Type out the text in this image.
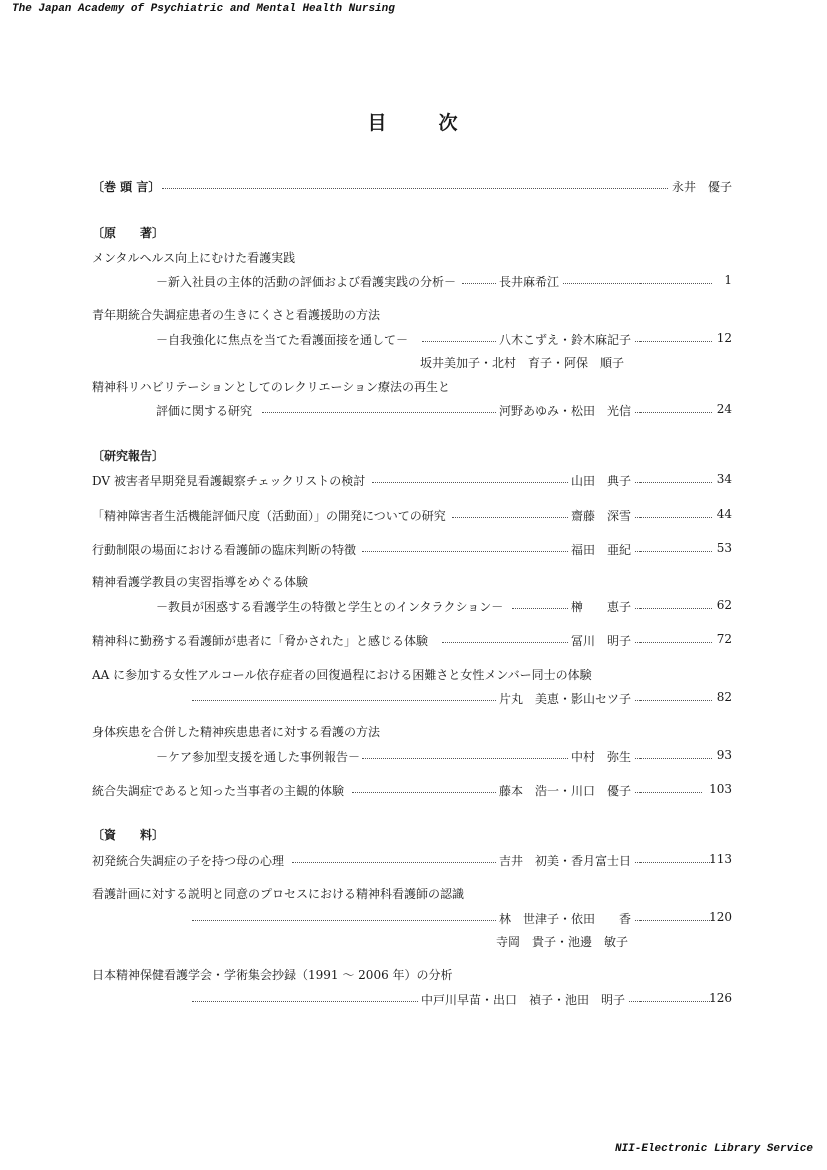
The Japan Academy of Psychiatric and Mental Health Nursing
目	次
〔巻 頭 言〕	永井　優子
〔原　　著〕
メンタルヘルス向上にむけた看護実践
－新入社員の主体的活動の評価および看護実践の分析－	長井麻希江	1
青年期統合失調症患者の生きにくさと看護援助の方法
－自我強化に焦点を当てた看護面接を通して－	八木こずえ・鈴木麻記子	12
坂井美加子・北村　育子・阿保　順子
精神科リハビリテーションとしてのレクリエーション療法の再生と
評価に関する研究	河野あゆみ・松田　光信	24
〔研究報告〕
DV 被害者早期発見看護観察チェックリストの検討	山田　典子	34
「精神障害者生活機能評価尺度（活動面）」の開発についての研究	齋藤　深雪	44
行動制限の場面における看護師の臨床判断の特徴	福田　亜紀	53
精神看護学教員の実習指導をめぐる体験
－教員が困惑する看護学生の特徴と学生とのインタラクション－	榊　　恵子	62
精神科に勤務する看護師が患者に「脅かされた」と感じる体験	冨川　明子	72
AA に参加する女性アルコール依存症者の回復過程における困難さと女性メンバー同士の体験
片丸　美恵・影山セツ子	82
身体疾患を合併した精神疾患患者に対する看護の方法
－ケア参加型支援を通した事例報告－	中村　弥生	93
統合失調症であると知った当事者の主観的体験	藤本　浩一・川口　優子	103
〔資　　料〕
初発統合失調症の子を持つ母の心理	吉井　初美・香月富士日	113
看護計画に対する説明と同意のプロセスにおける精神科看護師の認識
林　世津子・依田　　香	120
寺岡　貴子・池邊　敏子
日本精神保健看護学会・学術集会抄録（1991 ～ 2006 年）の分析
中戸川早苗・出口　禎子・池田　明子	126
NII-Electronic Library Service
